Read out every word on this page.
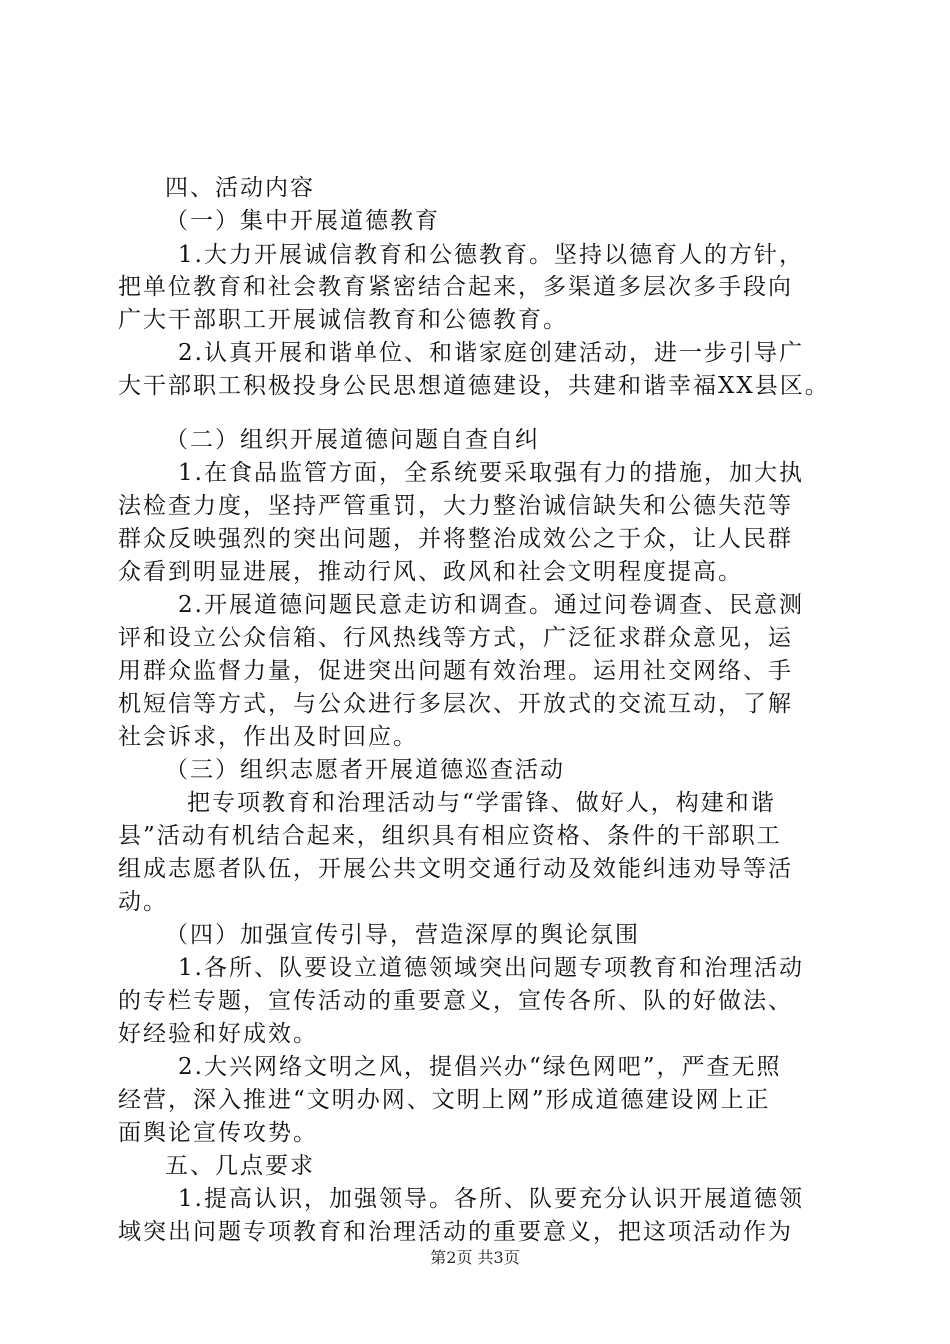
四、活动内容
（一）集中开展道德教育
1.大力开展诚信教育和公德教育。坚持以德育人的方针，
把单位教育和社会教育紧密结合起来，多渠道多层次多手段向
广大干部职工开展诚信教育和公德教育。
2.认真开展和谐单位、和谐家庭创建活动，进一步引导广
大干部职工积极投身公民思想道德建设，共建和谐幸福XX县区。
（二）组织开展道德问题自查自纠
1.在食品监管方面，全系统要采取强有力的措施，加大执
法检查力度，坚持严管重罚，大力整治诚信缺失和公德失范等
群众反映强烈的突出问题，并将整治成效公之于众，让人民群
众看到明显进展，推动行风、政风和社会文明程度提高。
2.开展道德问题民意走访和调查。通过问卷调查、民意测
评和设立公众信箱、行风热线等方式，广泛征求群众意见，运
用群众监督力量，促进突出问题有效治理。运用社交网络、手
机短信等方式，与公众进行多层次、开放式的交流互动，了解
社会诉求，作出及时回应。
（三）组织志愿者开展道德巡查活动
把专项教育和治理活动与“学雷锋、做好人，构建和谐
县”活动有机结合起来，组织具有相应资格、条件的干部职工
组成志愿者队伍，开展公共文明交通行动及效能纠违劝导等活
动。
（四）加强宣传引导，营造深厚的舆论氛围
1.各所、队要设立道德领域突出问题专项教育和治理活动
的专栏专题，宣传活动的重要意义，宣传各所、队的好做法、
好经验和好成效。
2.大兴网络文明之风，提倡兴办“绿色网吧”，严查无照
经营，深入推进“文明办网、文明上网”形成道德建设网上正
面舆论宣传攻势。
五、几点要求
1.提高认识，加强领导。各所、队要充分认识开展道德领
域突出问题专项教育和治理活动的重要意义，把这项活动作为
第2页 共3页
